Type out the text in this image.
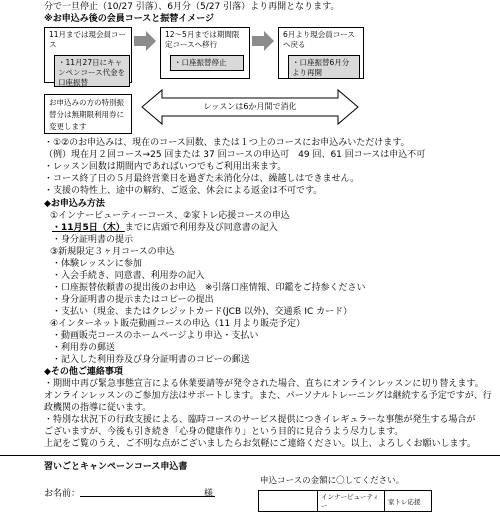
分で一旦停止（10/27 引落）、6月分（5/27 引落）より再開となります。
※お申込み後の会員コースと振替イメージ
11月までは現会員コース
・11月27日にキャンペンコース代金を口座振替
12～5月までは期間限定コースへ移行
・口座振替停止
6月より現会員コースへ戻る
・口座振替6月分より再開
お申込みの方の特別振替分は無期限利用券に変更します
レッスンは6か月間で消化
・①②のお申込みは、現在のコース回数、または１つ上のコースにお申込みいただけます。
（例）現在月２回コース→25 回または 37 回コースの申込可　49 回、61 回コースは申込不可
・レッスン回数は期間内であればいつでもご利用出来ます。
・コース終了日の５月最終営業日を過ぎた未消化分は、繰越しはできません。
・支援の特性上、途中の解約、ご返金、休会による返金は不可です。
◆お申込み方法
①インナービューティーコース、②家トレ応援コースの申込
・11月5日（木）までに店頭で利用券及び同意書の記入
・身分証明書の提示
③新規限定３ヶ月コースの申込
・体験レッスンに参加
・入会手続き、同意書、利用券の記入
・口座振替依頼書の提出後のお申込　※引落口座情報、印鑑をご持参ください
・身分証明書の提示またはコピーの提出
・支払い（現金、またはクレジットカード(JCB 以外)、交通系 IC カード）
④インターネット販売動画コースの申込（11 月より販売予定）
・動画販売コースのホームページより申込・支払い
・利用券の郵送
・記入した利用券及び身分証明書のコピーの郵送
◆その他ご連絡事項
・期間中再び緊急事態宣言による休業要請等が発令された場合、直ちにオンラインレッスンに切り替えます。
オンラインレッスンのご参加方法はサポートします。また、パーソナルトレーニングは継続する予定ですが、行
政機関の指導に従います。
・特別な状況下の行政支援による、臨時コースのサービス提供につきイレギュラーな事態が発生する場合が
ございますが、今後も引き続き「心身の健康作り」という目的に見合うよう尽力します。
上記をご覧のうえ、ご不明な点がございましたらお気軽にご連絡ください。以上、よろしくお願いします。
習いごとキャンペーンコース申込書
お名前：	様
申込コースの金額に〇してください。
	インナービューティー	家トレ応援
